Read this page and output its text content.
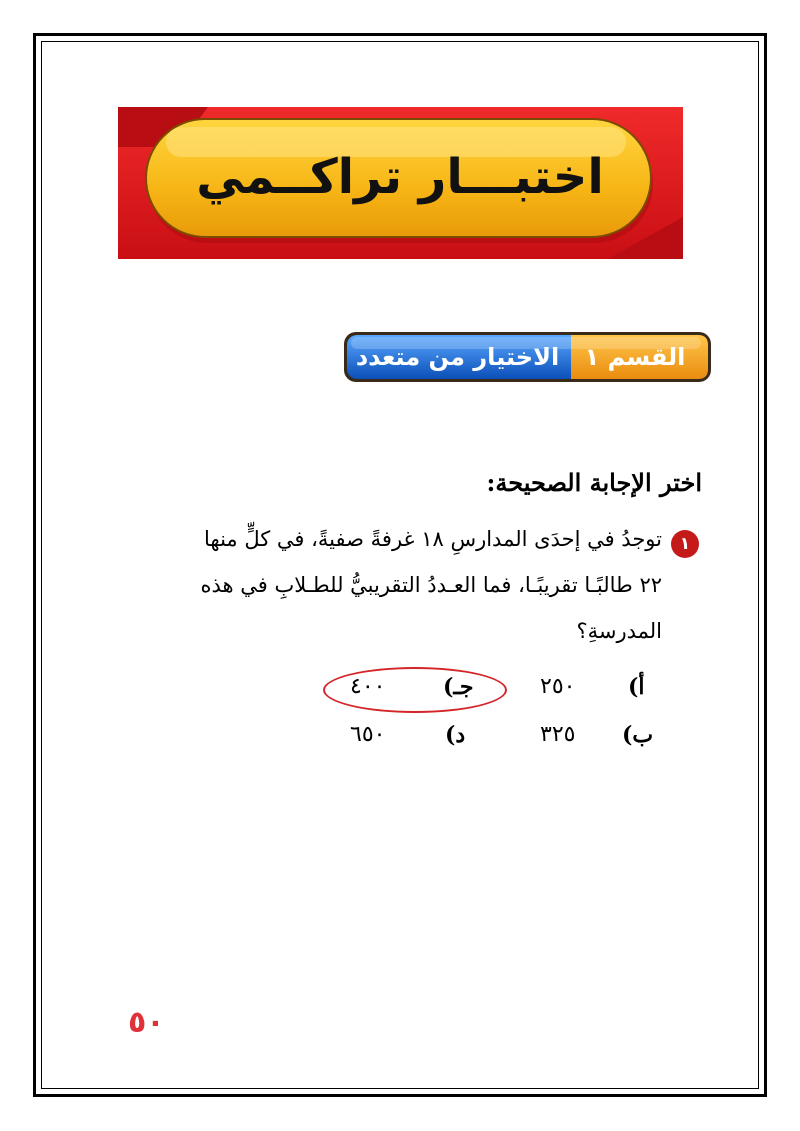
اختبـــار تراكــمي
القسم ١
الاختيار من متعدد
اختر الإجابة الصحيحة:
١
توجدُ في إحدَى المدارسِ ١٨ غرفةً صفيةً، في كلٍّ منها
٢٢ طالبًـا تقريبًـا، فما العـددُ التقريبيُّ للطـلابِ في هذه
المدرسةِ؟
أ)
٢٥٠
جـ)
٤٠٠
ب)
٣٢٥
د)
٦٥٠
٥٠
